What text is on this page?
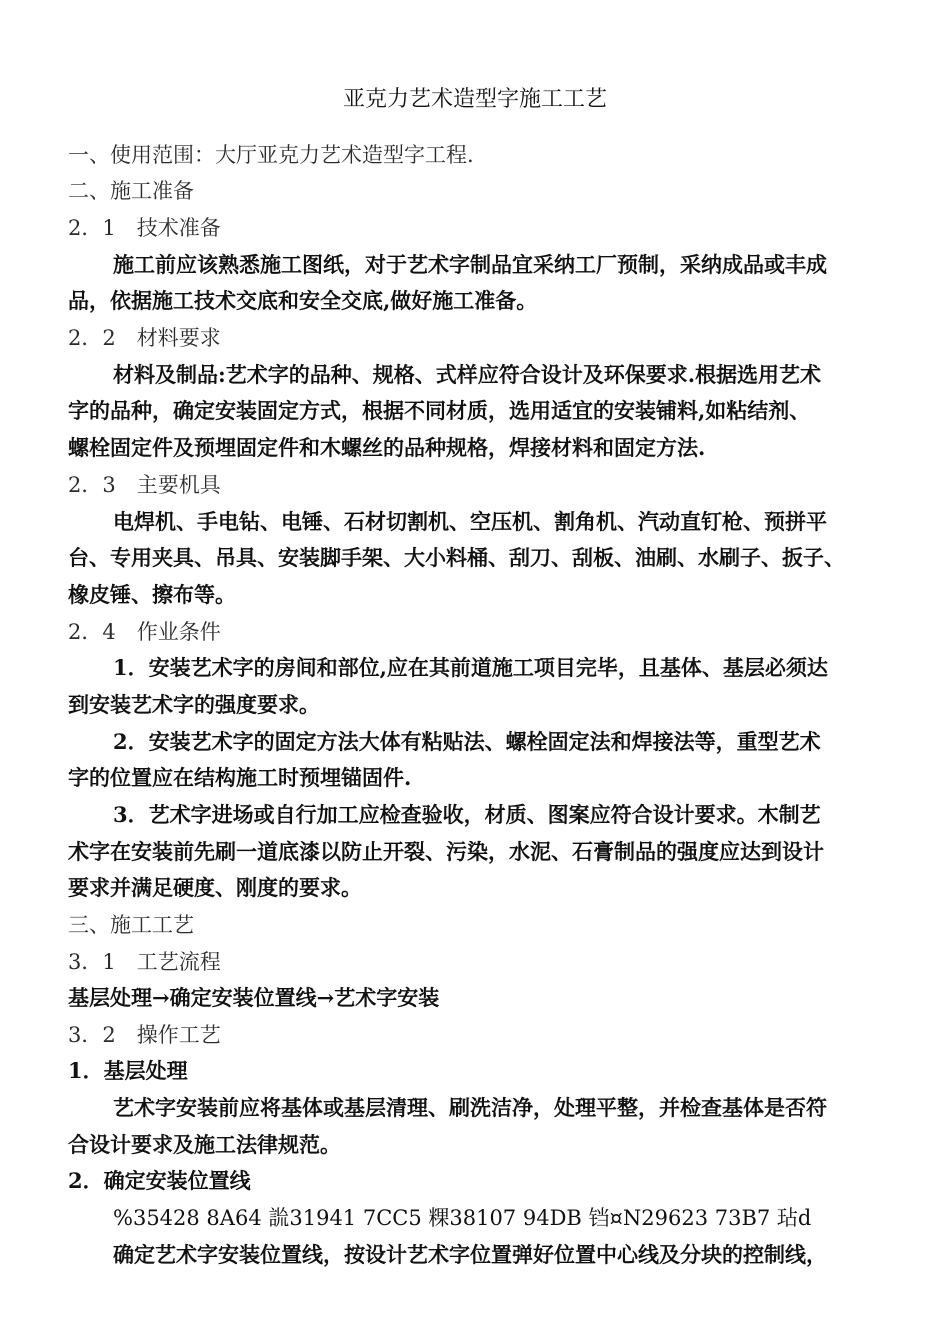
亚克力艺术造型字施工工艺

一、使用范围：大厅亚克力艺术造型字工程.

二、施工准备

2．1　技术准备

施工前应该熟悉施工图纸，对于艺术字制品宜采纳工厂预制，采纳成品或丰成

品，依据施工技术交底和安全交底,做好施工准备。

2．2　材料要求

材料及制品:艺术字的品种、规格、式样应符合设计及环保要求.根据选用艺术

字的品种，确定安装固定方式，根据不同材质，选用适宜的安装铺料,如粘结剂、

螺栓固定件及预埋固定件和木螺丝的品种规格，焊接材料和固定方法.

2．3　主要机具

电焊机、手电钻、电锤、石材切割机、空压机、割角机、汽动直钉枪、预拼平

台、专用夹具、吊具、安装脚手架、大小料桶、刮刀、刮板、油刷、水刷子、扳子、

橡皮锤、擦布等。

2．4　作业条件

1．安装艺术字的房间和部位,应在其前道施工项目完毕，且基体、基层必须达

到安装艺术字的强度要求。

2．安装艺术字的固定方法大体有粘贴法、螺栓固定法和焊接法等，重型艺术

字的位置应在结构施工时预埋锚固件.

3．艺术字进场或自行加工应检查验收，材质、图案应符合设计要求。木制艺

术字在安装前先刷一道底漆以防止开裂、污染，水泥、石膏制品的强度应达到设计

要求并满足硬度、刚度的要求。

三、施工工艺

3．1　工艺流程

基层处理→确定安装位置线→艺术字安装

3．2　操作工艺

1．基层处理

艺术字安装前应将基体或基层清理、刷洗洁净，处理平整，并检查基体是否符

合设计要求及施工法律规范。

2．确定安装位置线

%35428 8A64 詤31941 7CC5 粿38107 94DB 铛¤N29623 73B7 玷d

确定艺术字安装位置线，按设计艺术字位置弹好位置中心线及分块的控制线，
